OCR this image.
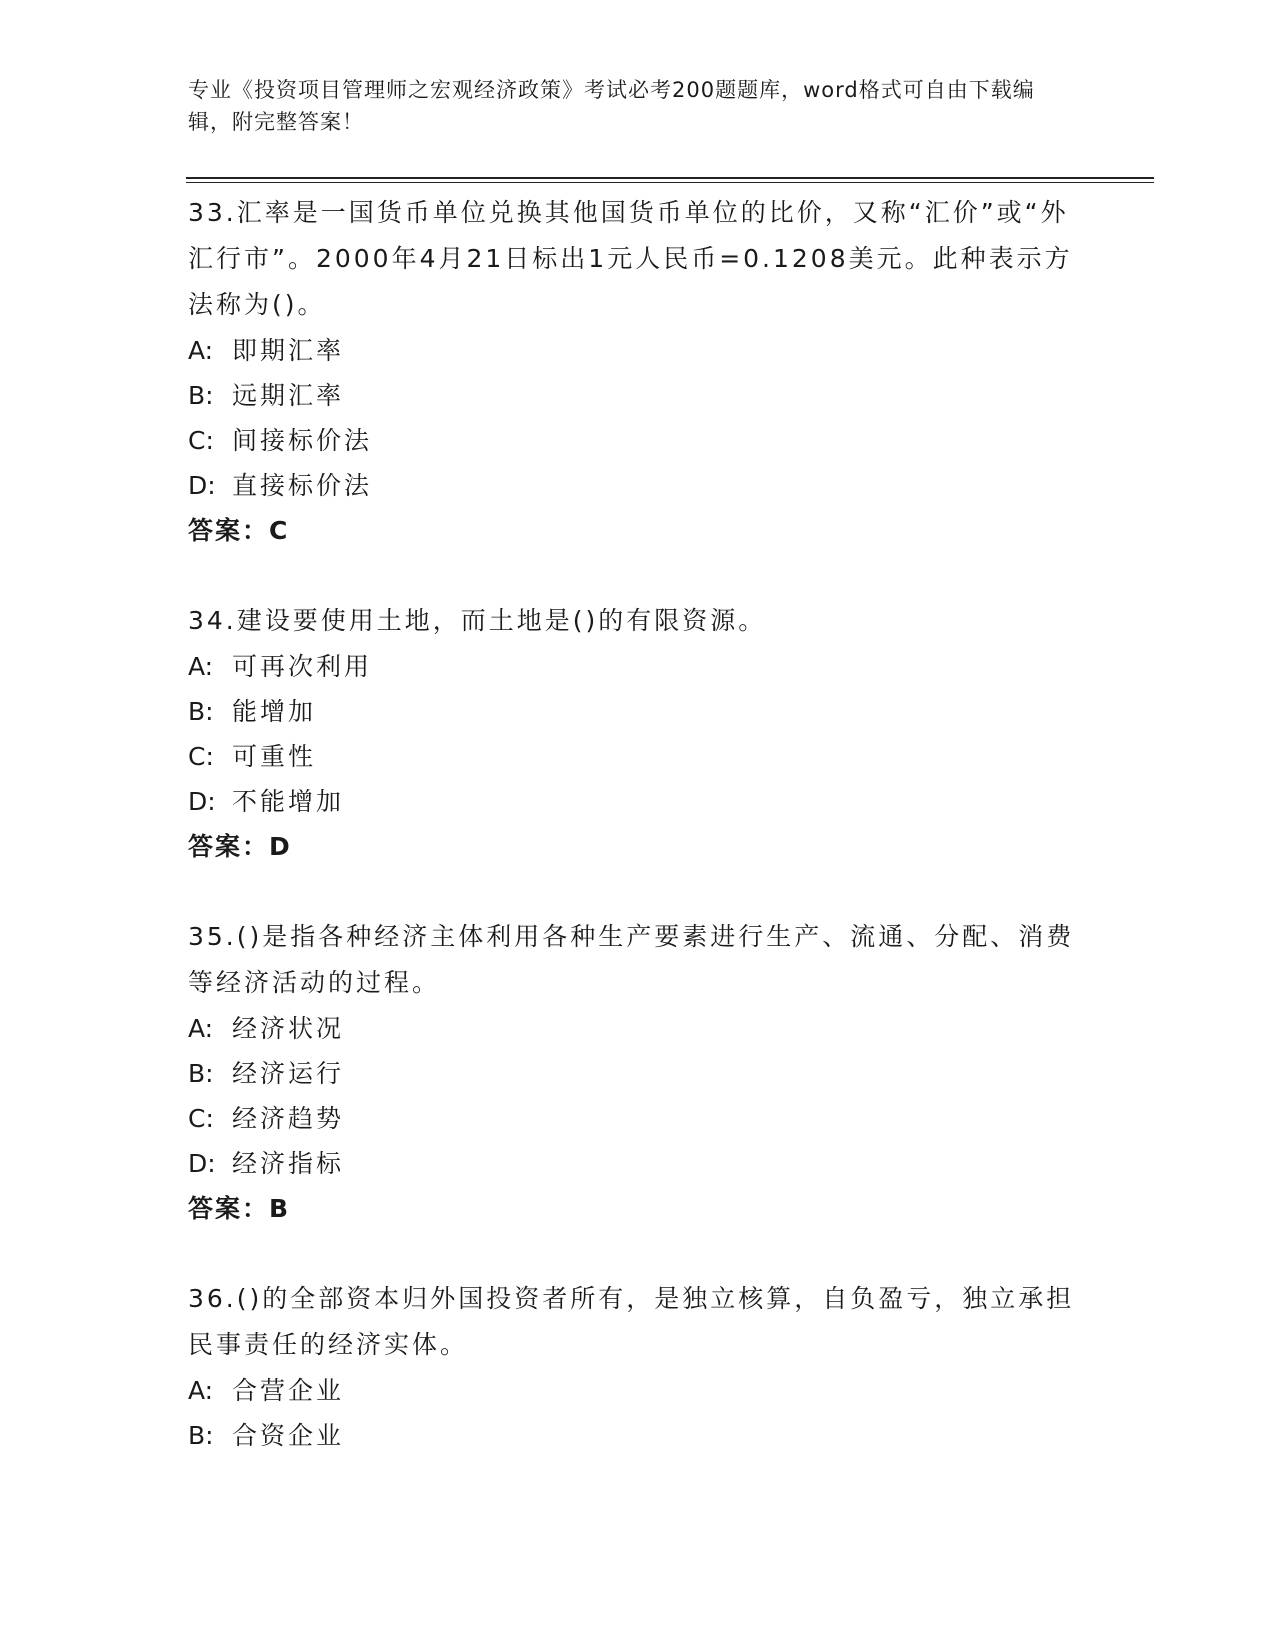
专业《投资项目管理师之宏观经济政策》考试必考200题题库，word格式可自由下载编辑，附完整答案！

33.汇率是一国货币单位兑换其他国货币单位的比价，又称“汇价”或“外汇行市”。2000年4月21日标出1元人民币=0.1208美元。此种表示方法称为()。

A: 即期汇率

B: 远期汇率

C: 间接标价法

D: 直接标价法

答案：C

34.建设要使用土地，而土地是()的有限资源。

A: 可再次利用

B: 能增加

C: 可重性

D: 不能增加

答案：D

35.()是指各种经济主体利用各种生产要素进行生产、流通、分配、消费等经济活动的过程。

A: 经济状况

B: 经济运行

C: 经济趋势

D: 经济指标

答案：B

36.()的全部资本归外国投资者所有，是独立核算，自负盈亏，独立承担民事责任的经济实体。

A: 合营企业

B: 合资企业
